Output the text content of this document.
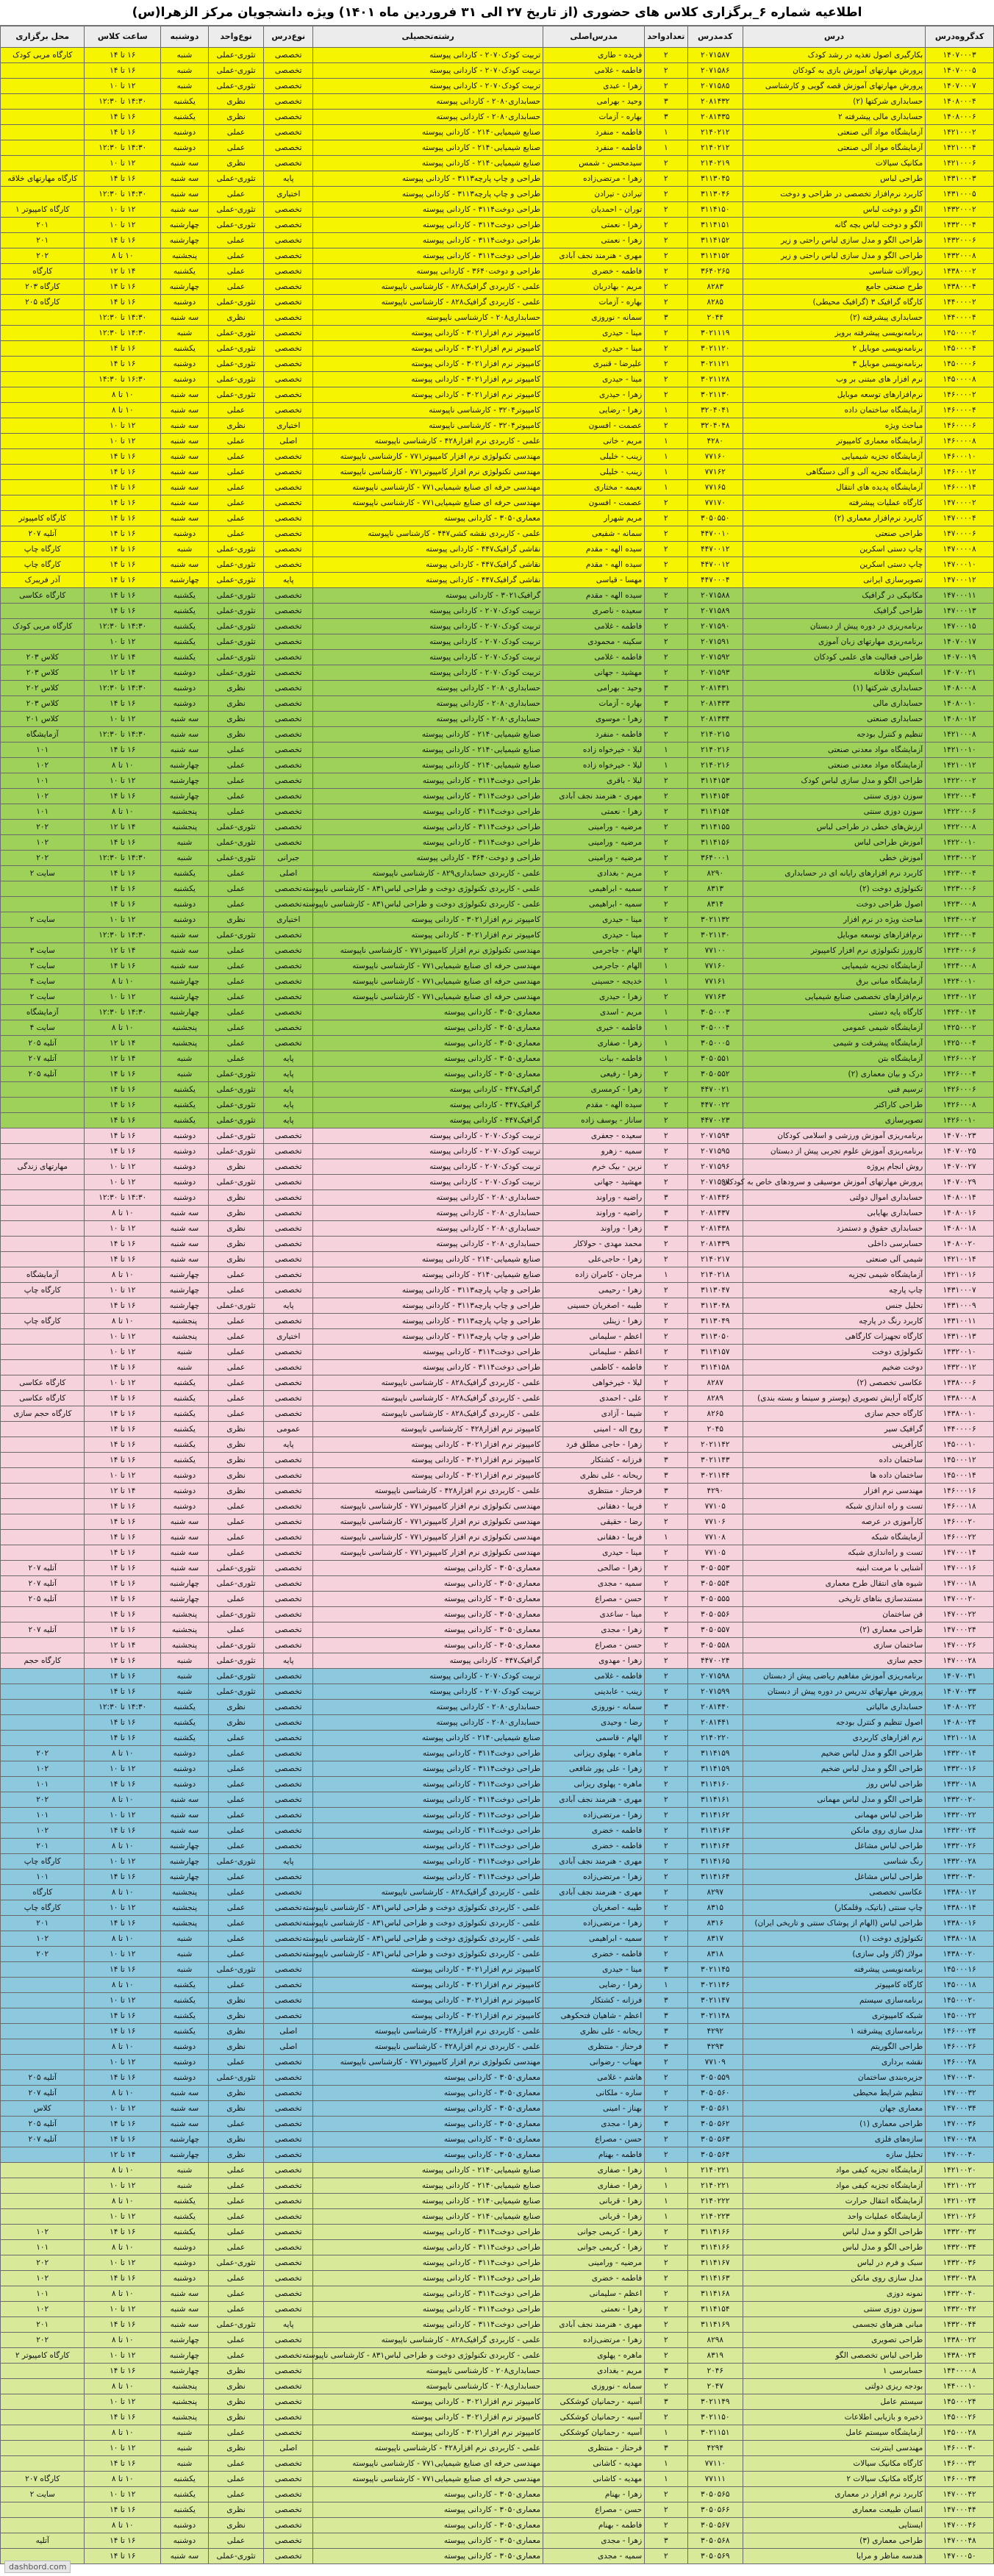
اطلاعیه شماره ۶_برگزاری کلاس های حضوری (از تاریخ ۲۷ الی ۳۱ فروردین ماه ۱۴۰۱) ویژه دانشجویان مرکز الزهرا(س)
کدگروه‌درس	درس	کدمدرس	تعدادواحد	مدرس‌اصلی	رشته‌تحصیلی	نوع‌درس	نوع‌واحد	دوشنبه	ساعت کلاس	محل برگزاری
۱۴۰۷۰۰۰۳	بکارگیری اصول تغذیه در رشد کودک	۲۰۷۱۵۸۷	۲	فریده - طاری	تربیت کودک۲۰۷۰ - کاردانی پیوسته	تخصصی	تئوری-عملی	شنبه	۱۶ تا ۱۴	کارگاه مربی کودک
۱۴۰۷۰۰۰۵	پرورش مهارتهای آموزش بازی به کودکان	۲۰۷۱۵۸۶	۲	فاطمه - غلامی	تربیت کودک۲۰۷۰ - کاردانی پیوسته	تخصصی	تئوری-عملی	شنبه	۱۶ تا ۱۴	
۱۴۰۷۰۰۰۷	پرورش مهارتهای آموزش قصه گویی و کارشناسی	۲۰۷۱۵۸۵	۲	زهرا - عبدی	تربیت کودک۲۰۷۰ - کاردانی پیوسته	تخصصی	تئوری-عملی	شنبه	۱۲ تا ۱۰	
۱۴۰۸۰۰۰۴	حسابداری شرکتها (۲)	۲۰۸۱۴۳۲	۳	وحید - بهرامی	حسابداری۲۰۸۰ - کاردانی پیوسته	تخصصی	نظری	یکشنبه	۱۴:۳۰ تا ۱۲:۳۰	
۱۴۰۸۰۰۰۶	حسابداری مالی پیشرفته ۲	۲۰۸۱۴۳۵	۳	بهاره - آزمات	حسابداری۲۰۸۰ - کاردانی پیوسته	تخصصی	نظری	یکشنبه	۱۶ تا ۱۴	
۱۴۲۱۰۰۰۲	آزمایشگاه مواد آلی صنعتی	۲۱۴۰۲۱۲	۱	فاطمه - منفرد	صنایع شیمیایی۲۱۴۰ - کاردانی پیوسته	تخصصی	عملی	دوشنبه	۱۶ تا ۱۴	
۱۴۲۱۰۰۰۴	آزمایشگاه مواد آلی صنعتی	۲۱۴۰۲۱۲	۱	فاطمه - منفرد	صنایع شیمیایی۲۱۴۰ - کاردانی پیوسته	تخصصی	عملی	دوشنبه	۱۴:۳۰ تا ۱۲:۳۰	
۱۴۲۱۰۰۰۶	مکانیک سیالات	۲۱۴۰۲۱۹	۲	سیدمحسن - شمس	صنایع شیمیایی۲۱۴۰ - کاردانی پیوسته	تخصصی	نظری	سه شنبه	۱۲ تا ۱۰	
۱۴۳۱۰۰۰۳	طراحی لباس	۳۱۱۳۰۴۵	۲	زهرا - مرتضی‌زاده	طراحی و چاپ پارچه۳۱۱۳ - کاردانی پیوسته	پایه	تئوری-عملی	سه شنبه	۱۶ تا ۱۴	کارگاه مهارتهای خلاقه
۱۴۳۱۰۰۰۵	کاربرد نرم‌افزار تخصصی در طراحی و دوخت	۳۱۱۳۰۴۶	۲	تیرادن - تیرادن	طراحی و چاپ پارچه۳۱۱۳ - کاردانی پیوسته	اختیاری	عملی	سه شنبه	۱۴:۳۰ تا ۱۲:۳۰	
۱۴۳۲۰۰۰۲	الگو و دوخت لباس	۳۱۱۴۱۵۰	۲	توران - احمدیان	طراحی دوخت۳۱۱۴ - کاردانی پیوسته	تخصصی	تئوری-عملی	سه شنبه	۱۲ تا ۱۰	کارگاه کامپیوتر ۱
۱۴۳۲۰۰۰۴	الگو و دوخت لباس بچه گانه	۳۱۱۴۱۵۱	۲	زهرا - نعمتی	طراحی دوخت۳۱۱۴ - کاردانی پیوسته	تخصصی	تئوری-عملی	چهارشنبه	۱۲ تا ۱۰	۲۰۱
۱۴۳۲۰۰۰۶	طراحی الگو و مدل سازی لباس راحتی و زیر	۳۱۱۴۱۵۲	۲	زهرا - نعمتی	طراحی دوخت۳۱۱۴ - کاردانی پیوسته	تخصصی	عملی	چهارشنبه	۱۶ تا ۱۴	۲۰۱
۱۴۳۲۰۰۰۸	طراحی الگو و مدل سازی لباس راحتی و زیر	۳۱۱۴۱۵۲	۲	مهری - هنرمند نجف آبادی	طراحی دوخت۳۱۱۴ - کاردانی پیوسته	تخصصی	عملی	پنجشنبه	۱۰ تا ۸	۲۰۲
۱۴۳۸۰۰۰۲	زیورآلات شناسی	۳۶۴۰۲۶۵	۲	فاطمه - خضری	طراحی و دوخت۳۶۴۰ - کاردانی پیوسته	تخصصی	عملی	یکشنبه	۱۴ تا ۱۲	کارگاه
۱۴۳۸۰۰۰۴	طرح صنعتی جامع	۸۲۸۳	۲	مریم - بهادربان	علمی - کاربردی گرافیک۸۲۸ - کارشناسی ناپیوسته	تخصصی	عملی	چهارشنبه	۱۶ تا ۱۴	کارگاه ۲۰۳
۱۴۴۰۰۰۰۲	کارگاه گرافیک ۳ (گرافیک محیطی)	۸۲۸۵	۲	بهاره - آزمات	علمی - کاربردی گرافیک۸۲۸ - کارشناسی ناپیوسته	تخصصی	تئوری-عملی	دوشنبه	۱۶ تا ۱۴	کارگاه ۲۰۵
۱۴۴۰۰۰۰۴	حسابداری پیشرفته (۲)	۲۰۴۴	۳	سمانه - نوروزی	حسابداری۲۰۸ - کارشناسی ناپیوسته	تخصصی	نظری	سه شنبه	۱۴:۳۰ تا ۱۲:۳۰	
۱۴۵۰۰۰۰۲	برنامه‌نویسی پیشرفته برویز	۳۰۲۱۱۱۹	۲	مینا - حیدری	کامپیوتر نرم افزار۳۰۲۱ - کاردانی پیوسته	تخصصی	تئوری-عملی	شنبه	۱۴:۳۰ تا ۱۲:۳۰	
۱۴۵۰۰۰۰۴	برنامه‌نویسی موبایل ۲	۳۰۲۱۱۲۰	۲	مینا - حیدری	کامپیوتر نرم افزار۳۰۲۱ - کاردانی پیوسته	تخصصی	تئوری-عملی	یکشنبه	۱۶ تا ۱۴	
۱۴۵۰۰۰۰۶	برنامه‌نویسی موبایل ۳	۳۰۲۱۱۲۱	۲	علیرضا - قنبری	کامپیوتر نرم افزار۳۰۲۱ - کاردانی پیوسته	تخصصی	تئوری-عملی	دوشنبه	۱۶ تا ۱۴	
۱۴۵۰۰۰۰۸	نرم افزار های مبتنی بر وب	۳۰۲۱۱۲۸	۲	مینا - حیدری	کامپیوتر نرم افزار۳۰۲۱ - کاردانی پیوسته	تخصصی	تئوری-عملی	دوشنبه	۱۶:۳۰ تا ۱۴:۳۰	
۱۴۶۰۰۰۰۲	نرم‌افزارهای توسعه موبایل	۳۰۲۱۱۳۰	۲	زهرا - حیدری	کامپیوتر نرم افزار۳۰۲۱ - کاردانی پیوسته	تخصصی	تئوری-عملی	سه شنبه	۱۰ تا ۸	
۱۴۶۰۰۰۰۴	آزمایشگاه ساختمان داده	۳۲۰۴۰۴۱	۱	زهرا - رضایی	کامپیوتر۳۲۰۴ - کارشناسی ناپیوسته	تخصصی	عملی	سه شنبه	۱۰ تا ۸	
۱۴۶۰۰۰۰۶	مباحث ویژه	۳۲۰۴۰۴۸	۲	عصمت - افسون	کامپیوتر۳۲۰۴ - کارشناسی ناپیوسته	اختیاری	نظری	سه شنبه	۱۲ تا ۱۰	
۱۴۶۰۰۰۰۸	آزمایشگاه معماری کامپیوتر	۴۲۸۰	۱	مریم - خانی	علمی - کاربردی نرم افزار۴۲۸ - کارشناسی ناپیوسته	اصلی	عملی	سه شنبه	۱۲ تا ۱۰	
۱۴۶۰۰۰۱۰	آزمایشگاه تجزیه شیمیایی	۷۷۱۶۰	۱	زینب - خلیلی	مهندسی تکنولوژی نرم افزار کامپیوتر۷۷۱ - کارشناسی ناپیوسته	تخصصی	عملی	سه شنبه	۱۶ تا ۱۴	
۱۴۶۰۰۰۱۲	آزمایشگاه تجزیه آلی و آلی دستگاهی	۷۷۱۶۲	۱	زینب - خلیلی	مهندسی تکنولوژی نرم افزار کامپیوتر۷۷۱ - کارشناسی ناپیوسته	تخصصی	عملی	سه شنبه	۱۶ تا ۱۴	
۱۴۶۰۰۰۱۴	آزمایشگاه پدیده های انتقال	۷۷۱۶۵	۱	نعیمه - مختاری	مهندسی حرفه ای صنایع شیمیایی۷۷۱ - کارشناسی ناپیوسته	تخصصی	عملی	سه شنبه	۱۶ تا ۱۴	
۱۴۷۰۰۰۰۲	کارگاه عملیات پیشرفته	۷۷۱۷۰	۲	عصمت - افسون	مهندسی حرفه ای صنایع شیمیایی۷۷۱ - کارشناسی ناپیوسته	تخصصی	عملی	سه شنبه	۱۶ تا ۱۴	
۱۴۷۰۰۰۰۴	کاربرد نرم‌افزار معماری (۲)	۳۰۵۰۵۵۰	۲	مریم شهرار	معماری۳۰۵۰ - کاردانی پیوسته	تخصصی	عملی	سه شنبه	۱۶ تا ۱۴	کارگاه کامپیوتر
۱۴۷۰۰۰۰۶	طراحی صنعتی	۴۴۷۰۰۱۰	۲	سمانه - شفیعی	علمی - کاربردی نقشه کشی۴۴۷ - کارشناسی ناپیوسته	تخصصی	عملی	دوشنبه	۱۶ تا ۱۴	آتلیه ۲۰۷
۱۴۷۰۰۰۰۸	چاپ دستی اسکرین	۴۴۷۰۰۱۲	۲	سیده الهه - مقدم	نقاشی گرافیک۴۴۷ - کاردانی پیوسته	تخصصی	تئوری-عملی	شنبه	۱۶ تا ۱۴	کارگاه چاپ
۱۴۷۰۰۰۱۰	چاپ دستی اسکرین	۴۴۷۰۰۱۲	۲	سیده الهه - مقدم	نقاشی گرافیک۴۴۷ - کاردانی پیوسته	تخصصی	تئوری-عملی	سه شنبه	۱۶ تا ۱۴	کارگاه چاپ
۱۴۷۰۰۰۱۲	تصویرسازی ایرانی	۴۴۷۰۰۰۴	۲	مهسا - قیاسی	نقاشی گرافیک۴۴۷ - کاردانی پیوسته	پایه	تئوری-عملی	چهارشنبه	۱۶ تا ۱۴	آذر فریبرک
۱۴۷۰۰۰۱۱	مکانیکی در گرافیک	۲۰۷۱۵۸۸	۲	سیده الهه - مقدم	گرافیک۳۰۲۱ - کاردانی پیوسته	تخصصی	تئوری-عملی	یکشنبه	۱۶ تا ۱۴	کارگاه عکاسی
۱۴۷۰۰۰۱۳	طراحی گرافیک	۲۰۷۱۵۸۹	۲	سعیده - ناصری	تربیت کودک۲۰۷۰ - کاردانی پیوسته	تخصصی	تئوری-عملی	یکشنبه	۱۶ تا ۱۴	
۱۴۷۰۰۰۱۵	برنامه‌ریزی در دوره پیش از دبستان	۲۰۷۱۵۹۰	۲	فاطمه - غلامی	تربیت کودک۲۰۷۰ - کاردانی پیوسته	تخصصی	تئوری-عملی	یکشنبه	۱۴:۳۰ تا ۱۲:۳۰	کارگاه مربی کودک
۱۴۰۷۰۰۱۷	برنامه‌ریزی مهارتهای زبان آموزی	۲۰۷۱۵۹۱	۲	سکینه - محمودی	تربیت کودک۲۰۷۰ - کاردانی پیوسته	تخصصی	تئوری-عملی	یکشنبه	۱۲ تا ۱۰	
۱۴۰۷۰۰۱۹	طراحی فعالیت های علمی کودکان	۲۰۷۱۵۹۲	۲	فاطمه - غلامی	تربیت کودک۲۰۷۰ - کاردانی پیوسته	تخصصی	تئوری-عملی	یکشنبه	۱۴ تا ۱۲	کلاس ۲۰۳
۱۴۰۷۰۰۲۱	اسکیس خلاقانه	۲۰۷۱۵۹۳	۲	مهشید - جهانی	تربیت کودک۲۰۷۰ - کاردانی پیوسته	تخصصی	تئوری-عملی	دوشنبه	۱۴ تا ۱۲	کلاس ۲۰۳
۱۴۰۸۰۰۰۸	حسابداری شرکتها (۱)	۲۰۸۱۴۳۱	۳	وحید - بهرامی	حسابداری۲۰۸۰ - کاردانی پیوسته	تخصصی	نظری	دوشنبه	۱۴:۳۰ تا ۱۲:۳۰	کلاس ۲۰۲
۱۴۰۸۰۰۱۰	حسابداری مالی	۲۰۸۱۴۳۳	۳	بهاره - آزمات	حسابداری۲۰۸۰ - کاردانی پیوسته	تخصصی	نظری	دوشنبه	۱۶ تا ۱۴	کلاس ۲۰۳
۱۴۰۸۰۰۱۲	حسابداری صنعتی	۲۰۸۱۴۳۴	۳	زهرا - موسوی	حسابداری۲۰۸۰ - کاردانی پیوسته	تخصصی	نظری	سه شنبه	۱۲ تا ۱۰	کلاس ۲۰۱
۱۴۲۱۰۰۰۸	تنظیم و کنترل بودجه	۲۱۴۰۲۱۵	۲	فاطمه - منفرد	صنایع شیمیایی۲۱۴۰ - کاردانی پیوسته	تخصصی	نظری	سه شنبه	۱۴:۳۰ تا ۱۲:۳۰	آزمایشگاه
۱۴۲۱۰۰۱۰	آزمایشگاه مواد معدنی صنعتی	۲۱۴۰۲۱۶	۱	لیلا - خیرخواه زاده	صنایع شیمیایی۲۱۴۰ - کاردانی پیوسته	تخصصی	عملی	سه شنبه	۱۶ تا ۱۴	۱۰۱
۱۴۲۱۰۰۱۲	آزمایشگاه مواد معدنی صنعتی	۲۱۴۰۲۱۶	۱	لیلا - خیرخواه زاده	صنایع شیمیایی۲۱۴۰ - کاردانی پیوسته	تخصصی	عملی	چهارشنبه	۱۰ تا ۸	۱۰۲
۱۴۲۲۰۰۰۲	طراحی الگو و مدل سازی لباس کودک	۳۱۱۴۱۵۳	۲	لیلا - باقری	طراحی دوخت۳۱۱۴ - کاردانی پیوسته	تخصصی	عملی	چهارشنبه	۱۲ تا ۱۰	۱۰۱
۱۴۲۲۰۰۰۴	سوزن دوزی سنتی	۳۱۱۴۱۵۴	۲	مهری - هنرمند نجف آبادی	طراحی دوخت۳۱۱۴ - کاردانی پیوسته	تخصصی	عملی	چهارشنبه	۱۶ تا ۱۴	۱۰۲
۱۴۲۲۰۰۰۶	سوزن دوزی سنتی	۳۱۱۴۱۵۴	۲	زهرا - نعمتی	طراحی دوخت۳۱۱۴ - کاردانی پیوسته	تخصصی	عملی	پنجشنبه	۱۰ تا ۸	۱۰۱
۱۴۲۲۰۰۰۸	ارزش‌های خطی در طراحی لباس	۳۱۱۴۱۵۵	۲	مرضیه - ورامینی	طراحی دوخت۳۱۱۴ - کاردانی پیوسته	تخصصی	تئوری-عملی	پنجشنبه	۱۴ تا ۱۲	۲۰۲
۱۴۲۲۰۰۱۰	آموزش طراحی لباس	۳۱۱۴۱۵۶	۲	مرضیه - ورامینی	طراحی دوخت۳۱۱۴ - کاردانی پیوسته	تخصصی	تئوری-عملی	شنبه	۱۶ تا ۱۴	۱۰۲
۱۴۲۳۰۰۰۲	آموزش خطی	۳۶۴۰۰۰۱	۲	مرضیه - ورامینی	طراحی و دوخت۳۶۴۰ - کاردانی پیوسته	جبرانی	تئوری-عملی	شنبه	۱۴:۳۰ تا ۱۲:۳۰	۲۰۲
۱۴۲۳۰۰۰۴	کاربرد نرم افزارهای رایانه ای در حسابداری	۸۲۹۰	۲	مریم - بغدادی	علمی - کاربردی حسابداری۸۲۹ - کارشناسی ناپیوسته	اصلی	عملی	یکشنبه	۱۶ تا ۱۴	سایت ۲
۱۴۲۳۰۰۰۶	تکنولوژی دوخت (۲)	۸۳۱۳	۲	سمیه - ابراهیمی	علمی - کاربردی تکنولوژی دوخت و طراحی لباس۸۳۱ - کارشناسی ناپیوسته	تخصصی	عملی	یکشنبه	۱۶ تا ۱۴	
۱۴۲۳۰۰۰۸	اصول طراحی دوخت	۸۳۱۴	۲	سمیه - ابراهیمی	علمی - کاربردی تکنولوژی دوخت و طراحی لباس۸۳۱ - کارشناسی ناپیوسته	تخصصی	عملی	دوشنبه	۱۶ تا ۱۴	
۱۴۲۴۰۰۰۲	مباحث ویژه در نرم افزار	۳۰۲۱۱۳۲	۲	مینا - حیدری	کامپیوتر نرم افزار۳۰۲۱ - کاردانی پیوسته	اختیاری	نظری	دوشنبه	۱۲ تا ۱۰	سایت ۲
۱۴۲۴۰۰۰۴	نرم‌افزارهای توسعه موبایل	۳۰۲۱۱۳۰	۲	مینا - حیدری	کامپیوتر نرم افزار۳۰۲۱ - کاردانی پیوسته	تخصصی	تئوری-عملی	سه شنبه	۱۴:۳۰ تا ۱۲:۳۰	
۱۴۲۴۰۰۰۶	کارورز تکنولوژی نرم افزار کامپیوتر	۷۷۱۰۰	۲	الهام - جاجرمی	مهندسی تکنولوژی نرم افزار کامپیوتر۷۷۱ - کارشناسی ناپیوسته	تخصصی	عملی	سه شنبه	۱۴ تا ۱۲	سایت ۳
۱۴۲۴۰۰۰۸	آزمایشگاه تجزیه شیمیایی	۷۷۱۶۰	۱	الهام - جاجرمی	مهندسی حرفه ای صنایع شیمیایی۷۷۱ - کارشناسی ناپیوسته	تخصصی	عملی	سه شنبه	۱۶ تا ۱۴	سایت ۲
۱۴۲۴۰۰۱۰	آزمایشگاه مبانی برق	۷۷۱۶۱	۱	خدیجه - حسینی	مهندسی حرفه ای صنایع شیمیایی۷۷۱ - کارشناسی ناپیوسته	تخصصی	عملی	چهارشنبه	۱۰ تا ۸	سایت ۴
۱۴۲۴۰۰۱۲	نرم‌افزارهای تخصصی صنایع شیمیایی	۷۷۱۶۳	۲	زهرا - حیدری	مهندسی حرفه ای صنایع شیمیایی۷۷۱ - کارشناسی ناپیوسته	تخصصی	عملی	چهارشنبه	۱۲ تا ۱۰	سایت ۲
۱۴۲۴۰۰۱۴	کارگاه پایه دستی	۳۰۵۰۰۰۳	۱	مریم - اسدی	معماری۳۰۵۰ - کاردانی پیوسته	تخصصی	عملی	چهارشنبه	۱۴:۳۰ تا ۱۲:۳۰	آزمایشگاه
۱۴۲۵۰۰۰۲	آزمایشگاه شیمی عمومی	۳۰۵۰۰۰۴	۱	فاطمه - خیری	معماری۳۰۵۰ - کاردانی پیوسته	تخصصی	عملی	پنجشنبه	۱۰ تا ۸	سایت ۴
۱۴۲۵۰۰۰۴	آزمایشگاه پیشرفت و شیمی	۳۰۵۰۰۰۵	۱	زهرا - صفاری	معماری۳۰۵۰ - کاردانی پیوسته	تخصصی	عملی	پنجشنبه	۱۴ تا ۱۲	آتلیه ۲۰۵
۱۴۲۶۰۰۰۲	آزمایشگاه بتن	۳۰۵۰۵۵۱	۱	فاطمه - بیات	معماری۳۰۵۰ - کاردانی پیوسته	پایه	عملی	شنبه	۱۴ تا ۱۲	آتلیه ۲۰۷
۱۴۲۶۰۰۰۴	درک و بیان معماری (۲)	۳۰۵۰۵۵۲	۲	زهرا - رفیعی	معماری۳۰۵۰ - کاردانی پیوسته	پایه	تئوری-عملی	شنبه	۱۶ تا ۱۴	آتلیه ۲۰۵
۱۴۲۶۰۰۰۶	ترسیم فنی	۴۴۷۰۰۲۱	۲	زهرا - کرمسری	گرافیک۴۴۷ - کاردانی پیوسته	پایه	تئوری-عملی	یکشنبه	۱۶ تا ۱۴	
۱۴۲۶۰۰۰۸	طراحی کاراکتر	۴۴۷۰۰۲۲	۲	سیده الهه - مقدم	گرافیک۴۴۷ - کاردانی پیوسته	پایه	تئوری-عملی	یکشنبه	۱۶ تا ۱۴	
۱۴۲۶۰۰۱۰	تصویرسازی	۴۴۷۰۰۲۳	۲	ساناز - یوسف زاده	گرافیک۴۴۷ - کاردانی پیوسته	پایه	تئوری-عملی	یکشنبه	۱۶ تا ۱۴	
۱۴۰۷۰۰۲۳	برنامه‌ریزی آموزش ورزشی و اسلامی کودکان	۲۰۷۱۵۹۴	۲	سعیده - جعفری	تربیت کودک۲۰۷۰ - کاردانی پیوسته	تخصصی	تئوری-عملی	دوشنبه	۱۶ تا ۱۴	
۱۴۰۷۰۰۲۵	برنامه‌ریزی آموزش علوم تجربی پیش از دبستان	۲۰۷۱۵۹۵	۲	سمیه - زهرو	تربیت کودک۲۰۷۰ - کاردانی پیوسته	تخصصی	تئوری-عملی	دوشنبه	۱۶ تا ۱۴	
۱۴۰۷۰۰۲۷	روش انجام پروژه	۲۰۷۱۵۹۶	۲	نرین - بیک خرم	تربیت کودک۲۰۷۰ - کاردانی پیوسته	تخصصی	نظری	دوشنبه	۱۲ تا ۱۰	مهارتهای زندگی
۱۴۰۷۰۰۲۹	پرورش مهارتهای آموزش موسیقی و سرودهای خاص به کودکان	۲۰۷۱۵۹۷	۲	مهشید - جهانی	تربیت کودک۲۰۷۰ - کاردانی پیوسته	تخصصی	تئوری-عملی	دوشنبه	۱۲ تا ۱۰	
۱۴۰۸۰۰۱۴	حسابداری اموال دولتی	۲۰۸۱۴۳۶	۳	راضیه - وراوند	حسابداری۲۰۸۰ - کاردانی پیوسته	تخصصی	نظری	دوشنبه	۱۴:۳۰ تا ۱۲:۳۰	
۱۴۰۸۰۰۱۶	حسابداری بهایابی	۲۰۸۱۴۳۷	۳	راضیه - وراوند	حسابداری۲۰۸۰ - کاردانی پیوسته	تخصصی	نظری	سه شنبه	۱۰ تا ۸	
۱۴۰۸۰۰۱۸	حسابداری حقوق و دستمزد	۲۰۸۱۴۳۸	۳	زهرا - وراوند	حسابداری۲۰۸۰ - کاردانی پیوسته	تخصصی	نظری	سه شنبه	۱۲ تا ۱۰	
۱۴۰۸۰۰۲۰	حسابرسی داخلی	۲۰۸۱۴۳۹	۲	محمد مهدی - حولاکار	حسابداری۲۰۸۰ - کاردانی پیوسته	تخصصی	نظری	سه شنبه	۱۶ تا ۱۴	
۱۴۲۱۰۰۱۴	شیمی آلی صنعتی	۲۱۴۰۲۱۷	۲	زهرا - حاجی‌علی	صنایع شیمیایی۲۱۴۰ - کاردانی پیوسته	تخصصی	نظری	سه شنبه	۱۶ تا ۱۴	
۱۴۲۱۰۰۱۶	آزمایشگاه شیمی تجزیه	۲۱۴۰۲۱۸	۱	مرجان - کامران زاده	صنایع شیمیایی۲۱۴۰ - کاردانی پیوسته	تخصصی	عملی	چهارشنبه	۱۰ تا ۸	آزمایشگاه
۱۴۳۱۰۰۰۷	چاپ پارچه	۳۱۱۳۰۴۷	۲	زهرا - رحیمی	طراحی و چاپ پارچه۳۱۱۳ - کاردانی پیوسته	تخصصی	عملی	چهارشنبه	۱۲ تا ۱۰	کارگاه چاپ
۱۴۳۱۰۰۰۹	تحلیل جنس	۳۱۱۳۰۴۸	۲	طیبه - اصغریان حسینی	طراحی و چاپ پارچه۳۱۱۳ - کاردانی پیوسته	پایه	تئوری-عملی	چهارشنبه	۱۶ تا ۱۴	
۱۴۳۱۰۰۱۱	کاربرد رنگ در پارچه	۳۱۱۳۰۴۹	۲	زهرا - زینلی	طراحی و چاپ پارچه۳۱۱۳ - کاردانی پیوسته	تخصصی	عملی	پنجشنبه	۱۰ تا ۸	کارگاه چاپ
۱۴۳۱۰۰۱۳	کارگاه تجهیزات کارگاهی	۳۱۱۳۰۵۰	۲	اعظم - سلیمانی	طراحی و چاپ پارچه۳۱۱۳ - کاردانی پیوسته	اختیاری	عملی	پنجشنبه	۱۲ تا ۱۰	
۱۴۳۲۰۰۱۰	تکنولوژی دوخت	۳۱۱۴۱۵۷	۲	اعظم - سلیمانی	طراحی دوخت۳۱۱۴ - کاردانی پیوسته	تخصصی	عملی	شنبه	۱۲ تا ۱۰	
۱۴۳۲۰۰۱۲	دوخت ضخیم	۳۱۱۴۱۵۸	۲	فاطمه - کاظمی	طراحی دوخت۳۱۱۴ - کاردانی پیوسته	تخصصی	عملی	شنبه	۱۶ تا ۱۴	
۱۴۳۸۰۰۰۶	عکاسی تخصصی (۲)	۸۲۸۷	۲	لیلا - خیرخواهی	علمی - کاربردی گرافیک۸۲۸ - کارشناسی ناپیوسته	تخصصی	عملی	یکشنبه	۱۲ تا ۱۰	کارگاه عکاسی
۱۴۳۸۰۰۰۸	کارگاه آرایش تصویری (پوستر و سینما و بسته بندی)	۸۲۸۹	۲	علی - احمدی	علمی - کاربردی گرافیک۸۲۸ - کارشناسی ناپیوسته	تخصصی	عملی	یکشنبه	۱۶ تا ۱۴	کارگاه عکاسی
۱۴۳۸۰۰۱۰	کارگاه حجم سازی	۸۲۶۵	۲	شیما - آزادی	علمی - کاربردی گرافیک۸۲۸ - کارشناسی ناپیوسته	تخصصی	عملی	یکشنبه	۱۶ تا ۱۴	کارگاه حجم سازی
۱۴۴۰۰۰۰۶	گرافیک سیر	۲۰۴۵	۳	روح اله - امینی	کامپیوتر نرم افزار۴۲۸ - کارشناسی ناپیوسته	عمومی	نظری	یکشنبه	۱۶ تا ۱۴	
۱۴۵۰۰۰۱۰	کارآفرینی	۲۰۲۱۱۴۲	۲	زهرا - حاجی مطلق فرد	کامپیوتر نرم افزار۳۰۲۱ - کاردانی پیوسته	پایه	نظری	یکشنبه	۱۶ تا ۱۴	
۱۴۵۰۰۰۱۲	ساختمان داده	۳۰۲۱۱۴۳	۳	فرزانه - کشتکار	کامپیوتر نرم افزار۳۰۲۱ - کاردانی پیوسته	تخصصی	نظری	یکشنبه	۱۶ تا ۱۴	
۱۴۵۰۰۰۱۴	ساختمان داده ها	۳۰۲۱۱۴۴	۳	ریحانه - علی نظری	کامپیوتر نرم افزار۳۰۲۱ - کاردانی پیوسته	تخصصی	نظری	دوشنبه	۱۲ تا ۱۰	
۱۴۶۰۰۰۱۶	مهندسی نرم افزار	۴۲۹۰	۳	فرحناز - منتظری	علمی - کاربردی نرم افزار۴۲۸ - کارشناسی ناپیوسته	تخصصی	نظری	دوشنبه	۱۴ تا ۱۲	
۱۴۶۰۰۰۱۸	تست و راه اندازی شبکه	۷۷۱۰۵	۲	فریبا - دهقانی	مهندسی تکنولوژی نرم افزار کامپیوتر۷۷۱ - کارشناسی ناپیوسته	تخصصی	عملی	دوشنبه	۱۶ تا ۱۴	
۱۴۶۰۰۰۲۰	کارآموزی در عرصه	۷۷۱۰۶	۲	رضا - حقیقی	مهندسی تکنولوژی نرم افزار کامپیوتر۷۷۱ - کارشناسی ناپیوسته	تخصصی	عملی	سه شنبه	۱۶ تا ۱۴	
۱۴۶۰۰۰۲۲	آزمایشگاه شبکه	۷۷۱۰۸	۱	فریبا - دهقانی	مهندسی تکنولوژی نرم افزار کامپیوتر۷۷۱ - کارشناسی ناپیوسته	تخصصی	عملی	سه شنبه	۱۶ تا ۱۴	
۱۴۷۰۰۰۱۴	تست و راه‌اندازی شبکه	۷۷۱۰۵	۲	مینا - حیدری	مهندسی تکنولوژی نرم افزار کامپیوتر۷۷۱ - کارشناسی ناپیوسته	تخصصی	عملی	سه شنبه	۱۶ تا ۱۴	
۱۴۷۰۰۰۱۶	آشنایی با مرمت ابنیه	۳۰۵۰۵۵۳	۲	زهرا - صالحی	معماری۳۰۵۰ - کاردانی پیوسته	تخصصی	تئوری-عملی	سه شنبه	۱۶ تا ۱۴	آتلیه ۲۰۷
۱۴۷۰۰۰۱۸	شیوه های انتقال طرح معماری	۳۰۵۰۵۵۴	۲	سمیه - مجدی	معماری۳۰۵۰ - کاردانی پیوسته	تخصصی	تئوری-عملی	چهارشنبه	۱۶ تا ۱۴	آتلیه ۲۰۷
۱۴۷۰۰۰۲۰	مستندسازی بناهای تاریخی	۳۰۵۰۵۵۵	۲	حسن - مصراع	معماری۳۰۵۰ - کاردانی پیوسته	تخصصی	عملی	چهارشنبه	۱۶ تا ۱۴	آتلیه ۲۰۵
۱۴۷۰۰۰۲۲	فن ساختمان	۳۰۵۰۵۵۶	۲	مینا - ساعدی	معماری۳۰۵۰ - کاردانی پیوسته	تخصصی	تئوری-عملی	پنجشنبه	۱۶ تا ۱۴	
۱۴۷۰۰۰۲۴	طراحی معماری (۲)	۳۰۵۰۵۵۷	۳	زهرا - مجدی	معماری۳۰۵۰ - کاردانی پیوسته	تخصصی	عملی	پنجشنبه	۱۶ تا ۱۴	آتلیه ۲۰۷
۱۴۷۰۰۰۲۶	ساختمان سازی	۳۰۵۰۵۵۸	۲	حسن - مصراع	معماری۳۰۵۰ - کاردانی پیوسته	تخصصی	تئوری-عملی	پنجشنبه	۱۴ تا ۱۲	
۱۴۷۰۰۰۲۸	حجم سازی	۴۴۷۰۰۲۴	۲	زهرا - مهدوی	گرافیک۴۴۷ - کاردانی پیوسته	پایه	تئوری-عملی	شنبه	۱۶ تا ۱۴	کارگاه حجم
۱۴۰۷۰۰۳۱	برنامه‌ریزی آموزش مفاهیم ریاضی پیش از دبستان	۲۰۷۱۵۹۸	۲	فاطمه - غلامی	تربیت کودک۲۰۷۰ - کاردانی پیوسته	تخصصی	تئوری-عملی	شنبه	۱۶ تا ۱۴	
۱۴۰۷۰۰۳۳	پرورش مهارتهای تدریس در دوره پیش از دبستان	۲۰۷۱۵۹۹	۲	زینب - عابدینی	تربیت کودک۲۰۷۰ - کاردانی پیوسته	تخصصی	تئوری-عملی	شنبه	۱۶ تا ۱۴	
۱۴۰۸۰۰۲۲	حسابداری مالیاتی	۲۰۸۱۴۴۰	۳	سمانه - نوروزی	حسابداری۲۰۸۰ - کاردانی پیوسته	تخصصی	نظری	یکشنبه	۱۴:۳۰ تا ۱۲:۳۰	
۱۴۰۸۰۰۲۴	اصول تنظیم و کنترل بودجه	۲۰۸۱۴۴۱	۲	رضا - وحیدی	حسابداری۲۰۸۰ - کاردانی پیوسته	تخصصی	نظری	یکشنبه	۱۶ تا ۱۴	
۱۴۲۱۰۰۱۸	نرم افزارهای کاربردی	۲۱۴۰۲۲۰	۲	الهام - قاسمی	صنایع شیمیایی۲۱۴۰ - کاردانی پیوسته	تخصصی	عملی	یکشنبه	۱۶ تا ۱۴	
۱۴۳۲۰۰۱۴	طراحی الگو و مدل لباس ضخیم	۳۱۱۴۱۵۹	۲	ماهره - پهلوی ریزانی	طراحی دوخت۳۱۱۴ - کاردانی پیوسته	تخصصی	عملی	دوشنبه	۱۰ تا ۸	۲۰۲
۱۴۳۲۰۰۱۶	طراحی الگو و مدل لباس ضخیم	۳۱۱۴۱۵۹	۲	زهرا - علی پور شافعی	طراحی دوخت۳۱۱۴ - کاردانی پیوسته	تخصصی	عملی	دوشنبه	۱۲ تا ۱۰	۱۰۲
۱۴۳۲۰۰۱۸	طراحی لباس روز	۳۱۱۴۱۶۰	۲	ماهره - پهلوی ریزانی	طراحی دوخت۳۱۱۴ - کاردانی پیوسته	تخصصی	عملی	دوشنبه	۱۶ تا ۱۴	۱۰۱
۱۴۳۲۰۰۲۰	طراحی الگو و مدل لباس مهمانی	۳۱۱۴۱۶۱	۲	مهری - هنرمند نجف آبادی	طراحی دوخت۳۱۱۴ - کاردانی پیوسته	تخصصی	عملی	سه شنبه	۱۰ تا ۸	۲۰۲
۱۴۳۲۰۰۲۲	طراحی لباس مهمانی	۳۱۱۴۱۶۲	۲	زهرا - مرتضی‌زاده	طراحی دوخت۳۱۱۴ - کاردانی پیوسته	تخصصی	عملی	سه شنبه	۱۲ تا ۱۰	۱۰۱
۱۴۳۲۰۰۲۴	مدل سازی روی مانکن	۳۱۱۴۱۶۳	۲	فاطمه - خضری	طراحی دوخت۳۱۱۴ - کاردانی پیوسته	تخصصی	عملی	سه شنبه	۱۶ تا ۱۴	۱۰۲
۱۴۳۲۰۰۲۶	طراحی لباس مشاغل	۳۱۱۴۱۶۴	۲	فاطمه - خضری	طراحی دوخت۳۱۱۴ - کاردانی پیوسته	تخصصی	عملی	چهارشنبه	۱۰ تا ۸	۲۰۱
۱۴۳۲۰۰۲۸	رنگ شناسی	۳۱۱۴۱۶۵	۲	مهری - هنرمند نجف آبادی	طراحی دوخت۳۱۱۴ - کاردانی پیوسته	پایه	تئوری-عملی	چهارشنبه	۱۲ تا ۱۰	کارگاه چاپ
۱۴۳۲۰۰۳۰	طراحی لباس مشاغل	۳۱۱۴۱۶۴	۲	زهرا - مرتضی‌زاده	طراحی دوخت۳۱۱۴ - کاردانی پیوسته	تخصصی	عملی	چهارشنبه	۱۶ تا ۱۴	۱۰۱
۱۴۳۸۰۰۱۲	عکاسی تخصصی	۸۲۹۷	۲	مهری - هنرمند نجف آبادی	علمی - کاربردی گرافیک۸۲۸ - کارشناسی ناپیوسته	تخصصی	عملی	پنجشنبه	۱۰ تا ۸	کارگاه
۱۴۳۸۰۰۱۴	چاپ سنتی (باتیک، وقلمکار)	۸۳۱۵	۲	طیبه - اصغریان	علمی - کاربردی تکنولوژی دوخت و طراحی لباس۸۳۱ - کارشناسی ناپیوسته	تخصصی	عملی	پنجشنبه	۱۲ تا ۱۰	کارگاه چاپ
۱۴۳۸۰۰۱۶	طراحی لباس (الهام از پوشاک سنتی و تاریخی ایران)	۸۳۱۶	۲	زهرا - مرتضی‌زاده	علمی - کاربردی تکنولوژی دوخت و طراحی لباس۸۳۱ - کارشناسی ناپیوسته	تخصصی	عملی	پنجشنبه	۱۶ تا ۱۴	۲۰۱
۱۴۳۸۰۰۱۸	تکنولوژی دوخت (۱)	۸۳۱۷	۲	سمیه - ابراهیمی	علمی - کاربردی تکنولوژی دوخت و طراحی لباس۸۳۱ - کارشناسی ناپیوسته	تخصصی	عملی	شنبه	۱۰ تا ۸	۱۰۲
۱۴۳۸۰۰۲۰	مولاژ (گاز ولی سازی)	۸۳۱۸	۲	فاطمه - خضری	علمی - کاربردی تکنولوژی دوخت و طراحی لباس۸۳۱ - کارشناسی ناپیوسته	تخصصی	عملی	شنبه	۱۲ تا ۱۰	۲۰۲
۱۴۵۰۰۰۱۶	برنامه‌نویسی پیشرفته	۳۰۲۱۱۴۵	۳	مینا - حیدری	کامپیوتر نرم افزار۳۰۲۱ - کاردانی پیوسته	تخصصی	تئوری-عملی	شنبه	۱۶ تا ۱۴	
۱۴۵۰۰۰۱۸	کارگاه کامپیوتر	۳۰۲۱۱۴۶	۱	زهرا - رضایی	کامپیوتر نرم افزار۳۰۲۱ - کاردانی پیوسته	تخصصی	عملی	یکشنبه	۱۰ تا ۸	
۱۴۵۰۰۰۲۰	برنامه‌سازی سیستم	۳۰۲۱۱۴۷	۳	فرزانه - کشتکار	کامپیوتر نرم افزار۳۰۲۱ - کاردانی پیوسته	تخصصی	نظری	یکشنبه	۱۲ تا ۱۰	
۱۴۵۰۰۰۲۲	شبکه کامپیوتری	۳۰۲۱۱۴۸	۳	اعظم - شاهیان فتحکوهی	کامپیوتر نرم افزار۳۰۲۱ - کاردانی پیوسته	تخصصی	نظری	یکشنبه	۱۶ تا ۱۴	
۱۴۶۰۰۰۲۴	برنامه‌سازی پیشرفته ۱	۴۲۹۲	۳	ریحانه - علی نظری	علمی - کاربردی نرم افزار۴۲۸ - کارشناسی ناپیوسته	اصلی	نظری	یکشنبه	۱۶ تا ۱۴	
۱۴۶۰۰۰۲۶	طراحی الگوریتم	۴۲۹۳	۳	فرحناز - منتظری	علمی - کاربردی نرم افزار۴۲۸ - کارشناسی ناپیوسته	اصلی	نظری	دوشنبه	۱۰ تا ۸	
۱۴۶۰۰۰۲۸	نقشه برداری	۷۷۱۰۹	۲	مهتاب - رضوانی	مهندسی تکنولوژی نرم افزار کامپیوتر۷۷۱ - کارشناسی ناپیوسته	تخصصی	عملی	دوشنبه	۱۲ تا ۱۰	
۱۴۷۰۰۰۳۰	جزیره‌بندی ساختمان	۳۰۵۰۵۵۹	۲	هاشم - غلامی	معماری۳۰۵۰ - کاردانی پیوسته	تخصصی	تئوری-عملی	دوشنبه	۱۶ تا ۱۴	آتلیه ۲۰۵
۱۴۷۰۰۰۳۲	تنظیم شرایط محیطی	۳۰۵۰۵۶۰	۲	ساره - ملکانی	معماری۳۰۵۰ - کاردانی پیوسته	تخصصی	نظری	سه شنبه	۱۰ تا ۸	آتلیه ۲۰۷
۱۴۷۰۰۰۳۴	معماری جهان	۳۰۵۰۵۶۱	۲	بهناز - امینی	معماری۳۰۵۰ - کاردانی پیوسته	تخصصی	نظری	سه شنبه	۱۲ تا ۱۰	کلاس
۱۴۷۰۰۰۳۶	طراحی معماری (۱)	۳۰۵۰۵۶۲	۳	زهرا - مجدی	معماری۳۰۵۰ - کاردانی پیوسته	تخصصی	عملی	سه شنبه	۱۶ تا ۱۴	آتلیه ۲۰۵
۱۴۷۰۰۰۳۸	سازه‌های فلزی	۳۰۵۰۵۶۳	۲	حسن - مصراع	معماری۳۰۵۰ - کاردانی پیوسته	تخصصی	نظری	چهارشنبه	۱۶ تا ۱۴	آتلیه ۲۰۷
۱۴۷۰۰۰۴۰	تحلیل سازه	۳۰۵۰۵۶۴	۲	فاطمه - بهنام	معماری۳۰۵۰ - کاردانی پیوسته	تخصصی	نظری	چهارشنبه	۱۴ تا ۱۲	
۱۴۲۱۰۰۲۰	آزمایشگاه تجزیه کیفی مواد	۲۱۴۰۲۲۱	۱	زهرا - صفاری	صنایع شیمیایی۲۱۴۰ - کاردانی پیوسته	تخصصی	عملی	شنبه	۱۰ تا ۸	
۱۴۲۱۰۰۲۲	آزمایشگاه تجزیه کیفی مواد	۲۱۴۰۲۲۱	۱	زهرا - صفاری	صنایع شیمیایی۲۱۴۰ - کاردانی پیوسته	تخصصی	عملی	شنبه	۱۲ تا ۱۰	
۱۴۲۱۰۰۲۴	آزمایشگاه انتقال حرارت	۲۱۴۰۲۲۲	۱	زهرا - قربانی	صنایع شیمیایی۲۱۴۰ - کاردانی پیوسته	تخصصی	عملی	یکشنبه	۱۰ تا ۸	
۱۴۲۱۰۰۲۶	آزمایشگاه عملیات واحد	۲۱۴۰۲۲۳	۱	زهرا - قربانی	صنایع شیمیایی۲۱۴۰ - کاردانی پیوسته	تخصصی	عملی	یکشنبه	۱۲ تا ۱۰	
۱۴۳۲۰۰۳۲	طراحی الگو و مدل لباس	۳۱۱۴۱۶۶	۲	زهرا - کریمی جوانی	طراحی دوخت۳۱۱۴ - کاردانی پیوسته	تخصصی	عملی	یکشنبه	۱۶ تا ۱۴	۱۰۲
۱۴۳۲۰۰۳۴	طراحی الگو و مدل لباس	۳۱۱۴۱۶۶	۲	زهرا - کریمی جوانی	طراحی دوخت۳۱۱۴ - کاردانی پیوسته	تخصصی	عملی	دوشنبه	۱۰ تا ۸	۱۰۱
۱۴۳۲۰۰۳۶	سبک و فرم در لباس	۳۱۱۴۱۶۷	۲	مرضیه - ورامینی	طراحی دوخت۳۱۱۴ - کاردانی پیوسته	تخصصی	تئوری-عملی	دوشنبه	۱۲ تا ۱۰	۲۰۲
۱۴۳۲۰۰۳۸	مدل سازی روی مانکن	۳۱۱۴۱۶۳	۲	فاطمه - خضری	طراحی دوخت۳۱۱۴ - کاردانی پیوسته	تخصصی	عملی	دوشنبه	۱۶ تا ۱۴	۱۰۲
۱۴۳۲۰۰۴۰	نمونه دوزی	۳۱۱۴۱۶۸	۲	اعظم - سلیمانی	طراحی دوخت۳۱۱۴ - کاردانی پیوسته	تخصصی	عملی	سه شنبه	۱۰ تا ۸	۱۰۱
۱۴۳۲۰۰۴۲	سوزن دوزی سنتی	۳۱۱۴۱۵۴	۲	زهرا - نعمتی	طراحی دوخت۳۱۱۴ - کاردانی پیوسته	تخصصی	عملی	سه شنبه	۱۲ تا ۱۰	۱۰۲
۱۴۳۲۰۰۴۴	مبانی هنرهای تجسمی	۳۱۱۴۱۶۹	۲	مهری - هنرمند نجف آبادی	طراحی دوخت۳۱۱۴ - کاردانی پیوسته	پایه	تئوری-عملی	سه شنبه	۱۶ تا ۱۴	۲۰۱
۱۴۳۸۰۰۲۲	طراحی تصویری	۸۲۹۸	۲	زهرا - مرتضی‌زاده	علمی - کاربردی گرافیک۸۲۸ - کارشناسی ناپیوسته	تخصصی	عملی	چهارشنبه	۱۰ تا ۸	۲۰۲
۱۴۳۸۰۰۲۴	طراحی لباس تخصصی الگو	۸۳۱۹	۲	ماهره - پهلوی	علمی - کاربردی تکنولوژی دوخت و طراحی لباس۸۳۱ - کارشناسی ناپیوسته	تخصصی	عملی	چهارشنبه	۱۲ تا ۱۰	کارگاه کامپیوتر ۲
۱۴۴۰۰۰۰۸	حسابرسی ۱	۲۰۴۶	۳	مریم - بغدادی	حسابداری۲۰۸ - کارشناسی ناپیوسته	تخصصی	نظری	چهارشنبه	۱۶ تا ۱۴	
۱۴۴۰۰۰۱۰	بودجه ریزی دولتی	۲۰۴۷	۲	سمانه - نوروزی	حسابداری۲۰۸ - کارشناسی ناپیوسته	تخصصی	نظری	پنجشنبه	۱۰ تا ۸	
۱۴۵۰۰۰۲۴	سیستم عامل	۳۰۲۱۱۴۹	۳	آسیه - رحمانیان کوشککی	کامپیوتر نرم افزار۳۰۲۱ - کاردانی پیوسته	تخصصی	نظری	پنجشنبه	۱۲ تا ۱۰	
۱۴۵۰۰۰۲۶	ذخیره و بازیابی اطلاعات	۳۰۲۱۱۵۰	۲	آسیه - رحمانیان کوشککی	کامپیوتر نرم افزار۳۰۲۱ - کاردانی پیوسته	تخصصی	نظری	پنجشنبه	۱۶ تا ۱۴	
۱۴۵۰۰۰۲۸	آزمایشگاه سیستم عامل	۳۰۲۱۱۵۱	۱	آسیه - رحمانیان کوشککی	کامپیوتر نرم افزار۳۰۲۱ - کاردانی پیوسته	تخصصی	عملی	شنبه	۱۰ تا ۸	
۱۴۶۰۰۰۳۰	مهندسی اینترنت	۴۲۹۴	۳	فرحناز - منتظری	علمی - کاربردی نرم افزار۴۲۸ - کارشناسی ناپیوسته	اصلی	نظری	شنبه	۱۲ تا ۱۰	
۱۴۶۰۰۰۳۲	کارگاه مکانیک سیالات	۷۷۱۱۰	۱	مهدیه - کاشانی	مهندسی حرفه ای صنایع شیمیایی۷۷۱ - کارشناسی ناپیوسته	تخصصی	عملی	شنبه	۱۶ تا ۱۴	
۱۴۶۰۰۰۳۴	کارگاه مکانیک سیالات ۲	۷۷۱۱۱	۱	مهدیه - کاشانی	مهندسی حرفه ای صنایع شیمیایی۷۷۱ - کارشناسی ناپیوسته	تخصصی	عملی	یکشنبه	۱۰ تا ۸	کارگاه ۲۰۷
۱۴۷۰۰۰۴۲	کاربرد نرم افزار در معماری	۳۰۵۰۵۶۵	۲	زهرا - بهنام	معماری۳۰۵۰ - کاردانی پیوسته	تخصصی	عملی	یکشنبه	۱۲ تا ۱۰	سایت ۲
۱۴۷۰۰۰۴۴	انسان طبیعت معماری	۳۰۵۰۵۶۶	۲	حسن - مصراع	معماری۳۰۵۰ - کاردانی پیوسته	تخصصی	نظری	یکشنبه	۱۶ تا ۱۴	
۱۴۷۰۰۰۴۶	ایستایی	۳۰۵۰۵۶۷	۲	فاطمه - بهنام	معماری۳۰۵۰ - کاردانی پیوسته	تخصصی	نظری	دوشنبه	۱۰ تا ۸	
۱۴۷۰۰۰۴۸	طراحی معماری (۳)	۳۰۵۰۵۶۸	۳	زهرا - مجدی	معماری۳۰۵۰ - کاردانی پیوسته	تخصصی	عملی	دوشنبه	۱۶ تا ۱۴	آتلیه
۱۴۷۰۰۰۵۰	هندسه مناظر و مرایا	۳۰۵۰۵۶۹	۲	سمیه - مجدی	معماری۳۰۵۰ - کاردانی پیوسته	تخصصی	تئوری-عملی	سه شنبه	۱۶ تا ۱۴	
dashbord.com
